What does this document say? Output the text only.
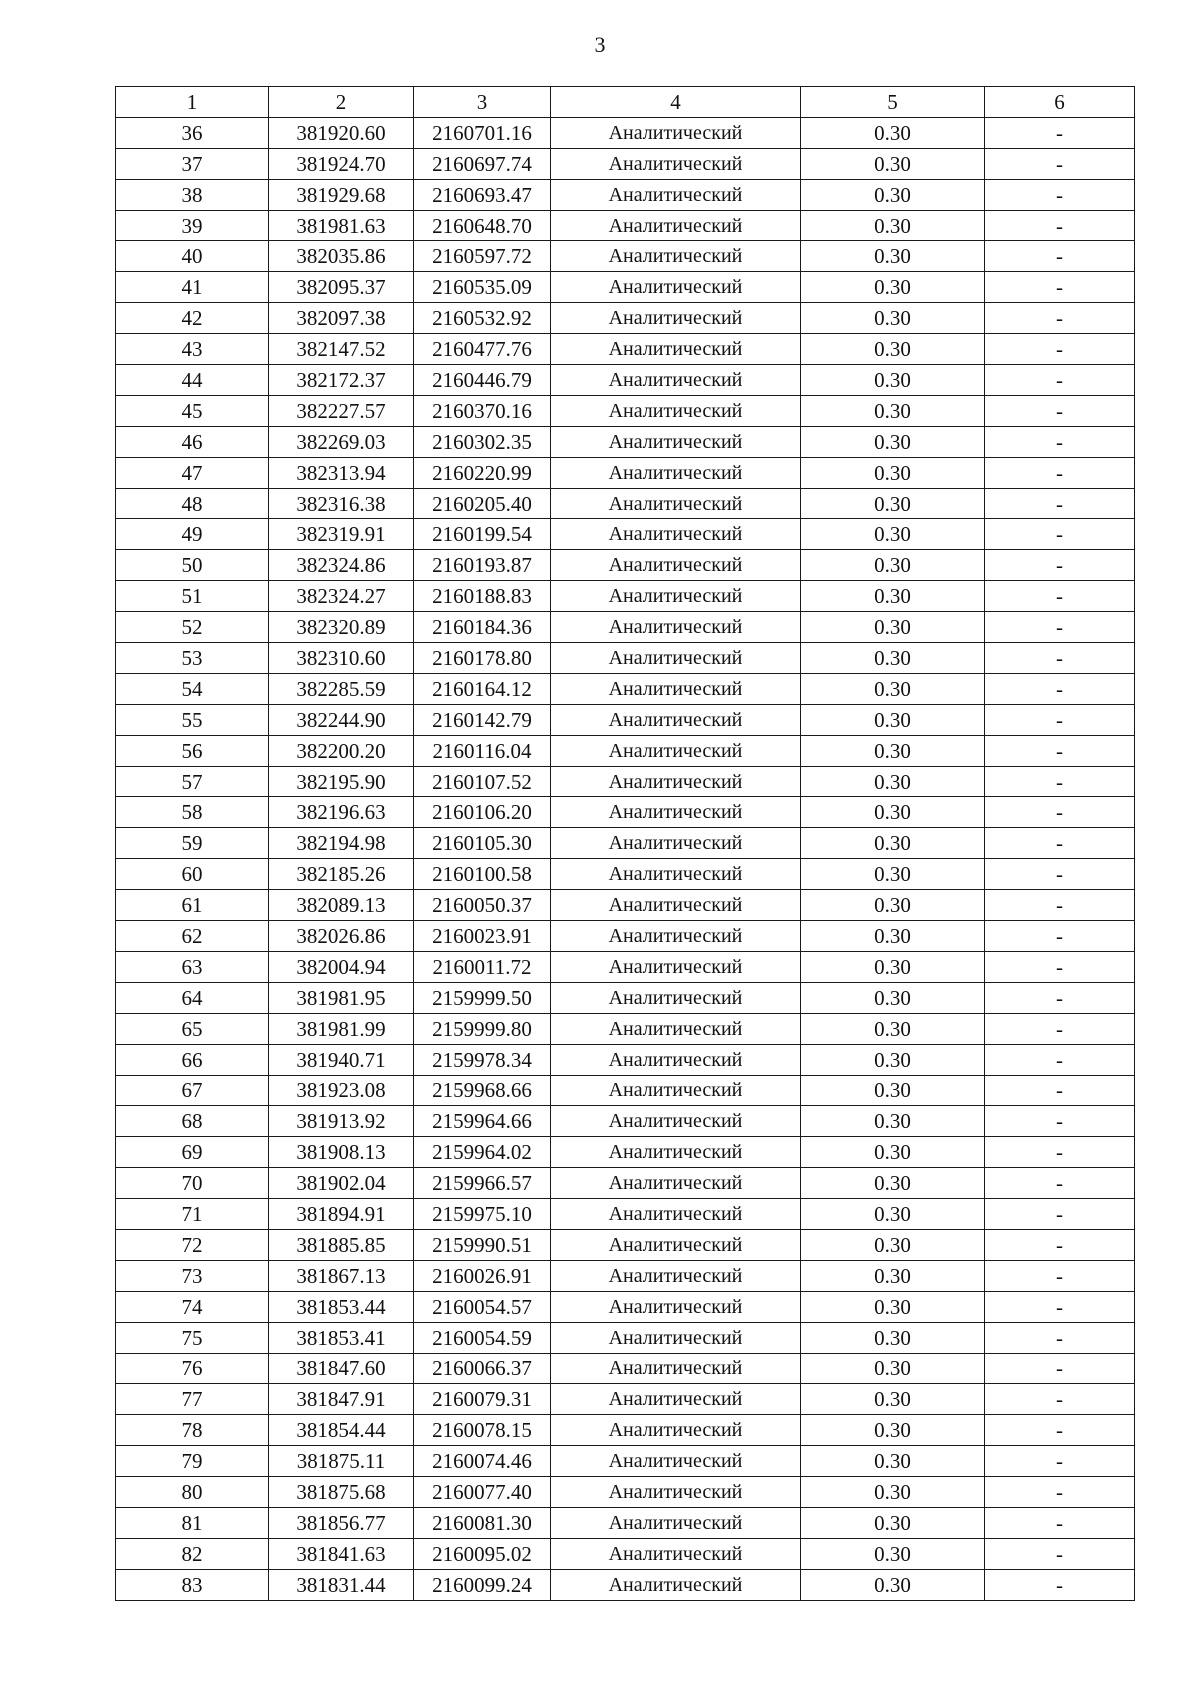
3
1	2	3	4	5	6
36	381920.60	2160701.16	Аналитический	0.30	-
37	381924.70	2160697.74	Аналитический	0.30	-
38	381929.68	2160693.47	Аналитический	0.30	-
39	381981.63	2160648.70	Аналитический	0.30	-
40	382035.86	2160597.72	Аналитический	0.30	-
41	382095.37	2160535.09	Аналитический	0.30	-
42	382097.38	2160532.92	Аналитический	0.30	-
43	382147.52	2160477.76	Аналитический	0.30	-
44	382172.37	2160446.79	Аналитический	0.30	-
45	382227.57	2160370.16	Аналитический	0.30	-
46	382269.03	2160302.35	Аналитический	0.30	-
47	382313.94	2160220.99	Аналитический	0.30	-
48	382316.38	2160205.40	Аналитический	0.30	-
49	382319.91	2160199.54	Аналитический	0.30	-
50	382324.86	2160193.87	Аналитический	0.30	-
51	382324.27	2160188.83	Аналитический	0.30	-
52	382320.89	2160184.36	Аналитический	0.30	-
53	382310.60	2160178.80	Аналитический	0.30	-
54	382285.59	2160164.12	Аналитический	0.30	-
55	382244.90	2160142.79	Аналитический	0.30	-
56	382200.20	2160116.04	Аналитический	0.30	-
57	382195.90	2160107.52	Аналитический	0.30	-
58	382196.63	2160106.20	Аналитический	0.30	-
59	382194.98	2160105.30	Аналитический	0.30	-
60	382185.26	2160100.58	Аналитический	0.30	-
61	382089.13	2160050.37	Аналитический	0.30	-
62	382026.86	2160023.91	Аналитический	0.30	-
63	382004.94	2160011.72	Аналитический	0.30	-
64	381981.95	2159999.50	Аналитический	0.30	-
65	381981.99	2159999.80	Аналитический	0.30	-
66	381940.71	2159978.34	Аналитический	0.30	-
67	381923.08	2159968.66	Аналитический	0.30	-
68	381913.92	2159964.66	Аналитический	0.30	-
69	381908.13	2159964.02	Аналитический	0.30	-
70	381902.04	2159966.57	Аналитический	0.30	-
71	381894.91	2159975.10	Аналитический	0.30	-
72	381885.85	2159990.51	Аналитический	0.30	-
73	381867.13	2160026.91	Аналитический	0.30	-
74	381853.44	2160054.57	Аналитический	0.30	-
75	381853.41	2160054.59	Аналитический	0.30	-
76	381847.60	2160066.37	Аналитический	0.30	-
77	381847.91	2160079.31	Аналитический	0.30	-
78	381854.44	2160078.15	Аналитический	0.30	-
79	381875.11	2160074.46	Аналитический	0.30	-
80	381875.68	2160077.40	Аналитический	0.30	-
81	381856.77	2160081.30	Аналитический	0.30	-
82	381841.63	2160095.02	Аналитический	0.30	-
83	381831.44	2160099.24	Аналитический	0.30	-
